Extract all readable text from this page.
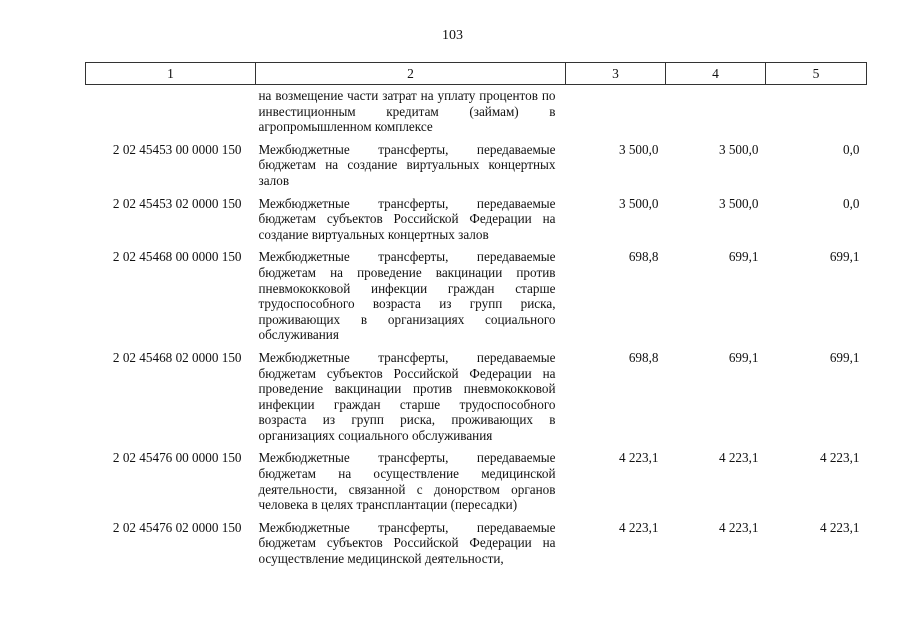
103
1	2	3	4	5
	на возмещение части затрат на уплату процентов по инвестиционным кредитам (займам) в агропромышленном комплексе			

2 02 45453 00 0000 150	Межбюджетные трансферты, передаваемые бюджетам на создание виртуальных концертных залов	3 500,0	3 500,0	0,0

2 02 45453 02 0000 150	Межбюджетные трансферты, передаваемые бюджетам субъектов Российской Федерации на создание виртуальных концертных залов	3 500,0	3 500,0	0,0

2 02 45468 00 0000 150	Межбюджетные трансферты, передаваемые бюджетам на проведение вакцинации против пневмококковой инфекции граждан старше трудоспособного возраста из групп риска, проживающих в организациях социального обслуживания	698,8	699,1	699,1

2 02 45468 02 0000 150	Межбюджетные трансферты, передаваемые бюджетам субъектов Российской Федерации на проведение вакцинации против пневмококковой инфекции граждан старше трудоспособного возраста из групп риска, проживающих в организациях социального обслуживания	698,8	699,1	699,1

2 02 45476 00 0000 150	Межбюджетные трансферты, передаваемые бюджетам на осуществление медицинской деятельности, связанной с донорством органов человека в целях трансплантации (пересадки)	4 223,1	4 223,1	4 223,1

2 02 45476 02 0000 150	Межбюджетные трансферты, передаваемые бюджетам субъектов Российской Федерации на осуществление медицинской деятельности,	4 223,1	4 223,1	4 223,1
